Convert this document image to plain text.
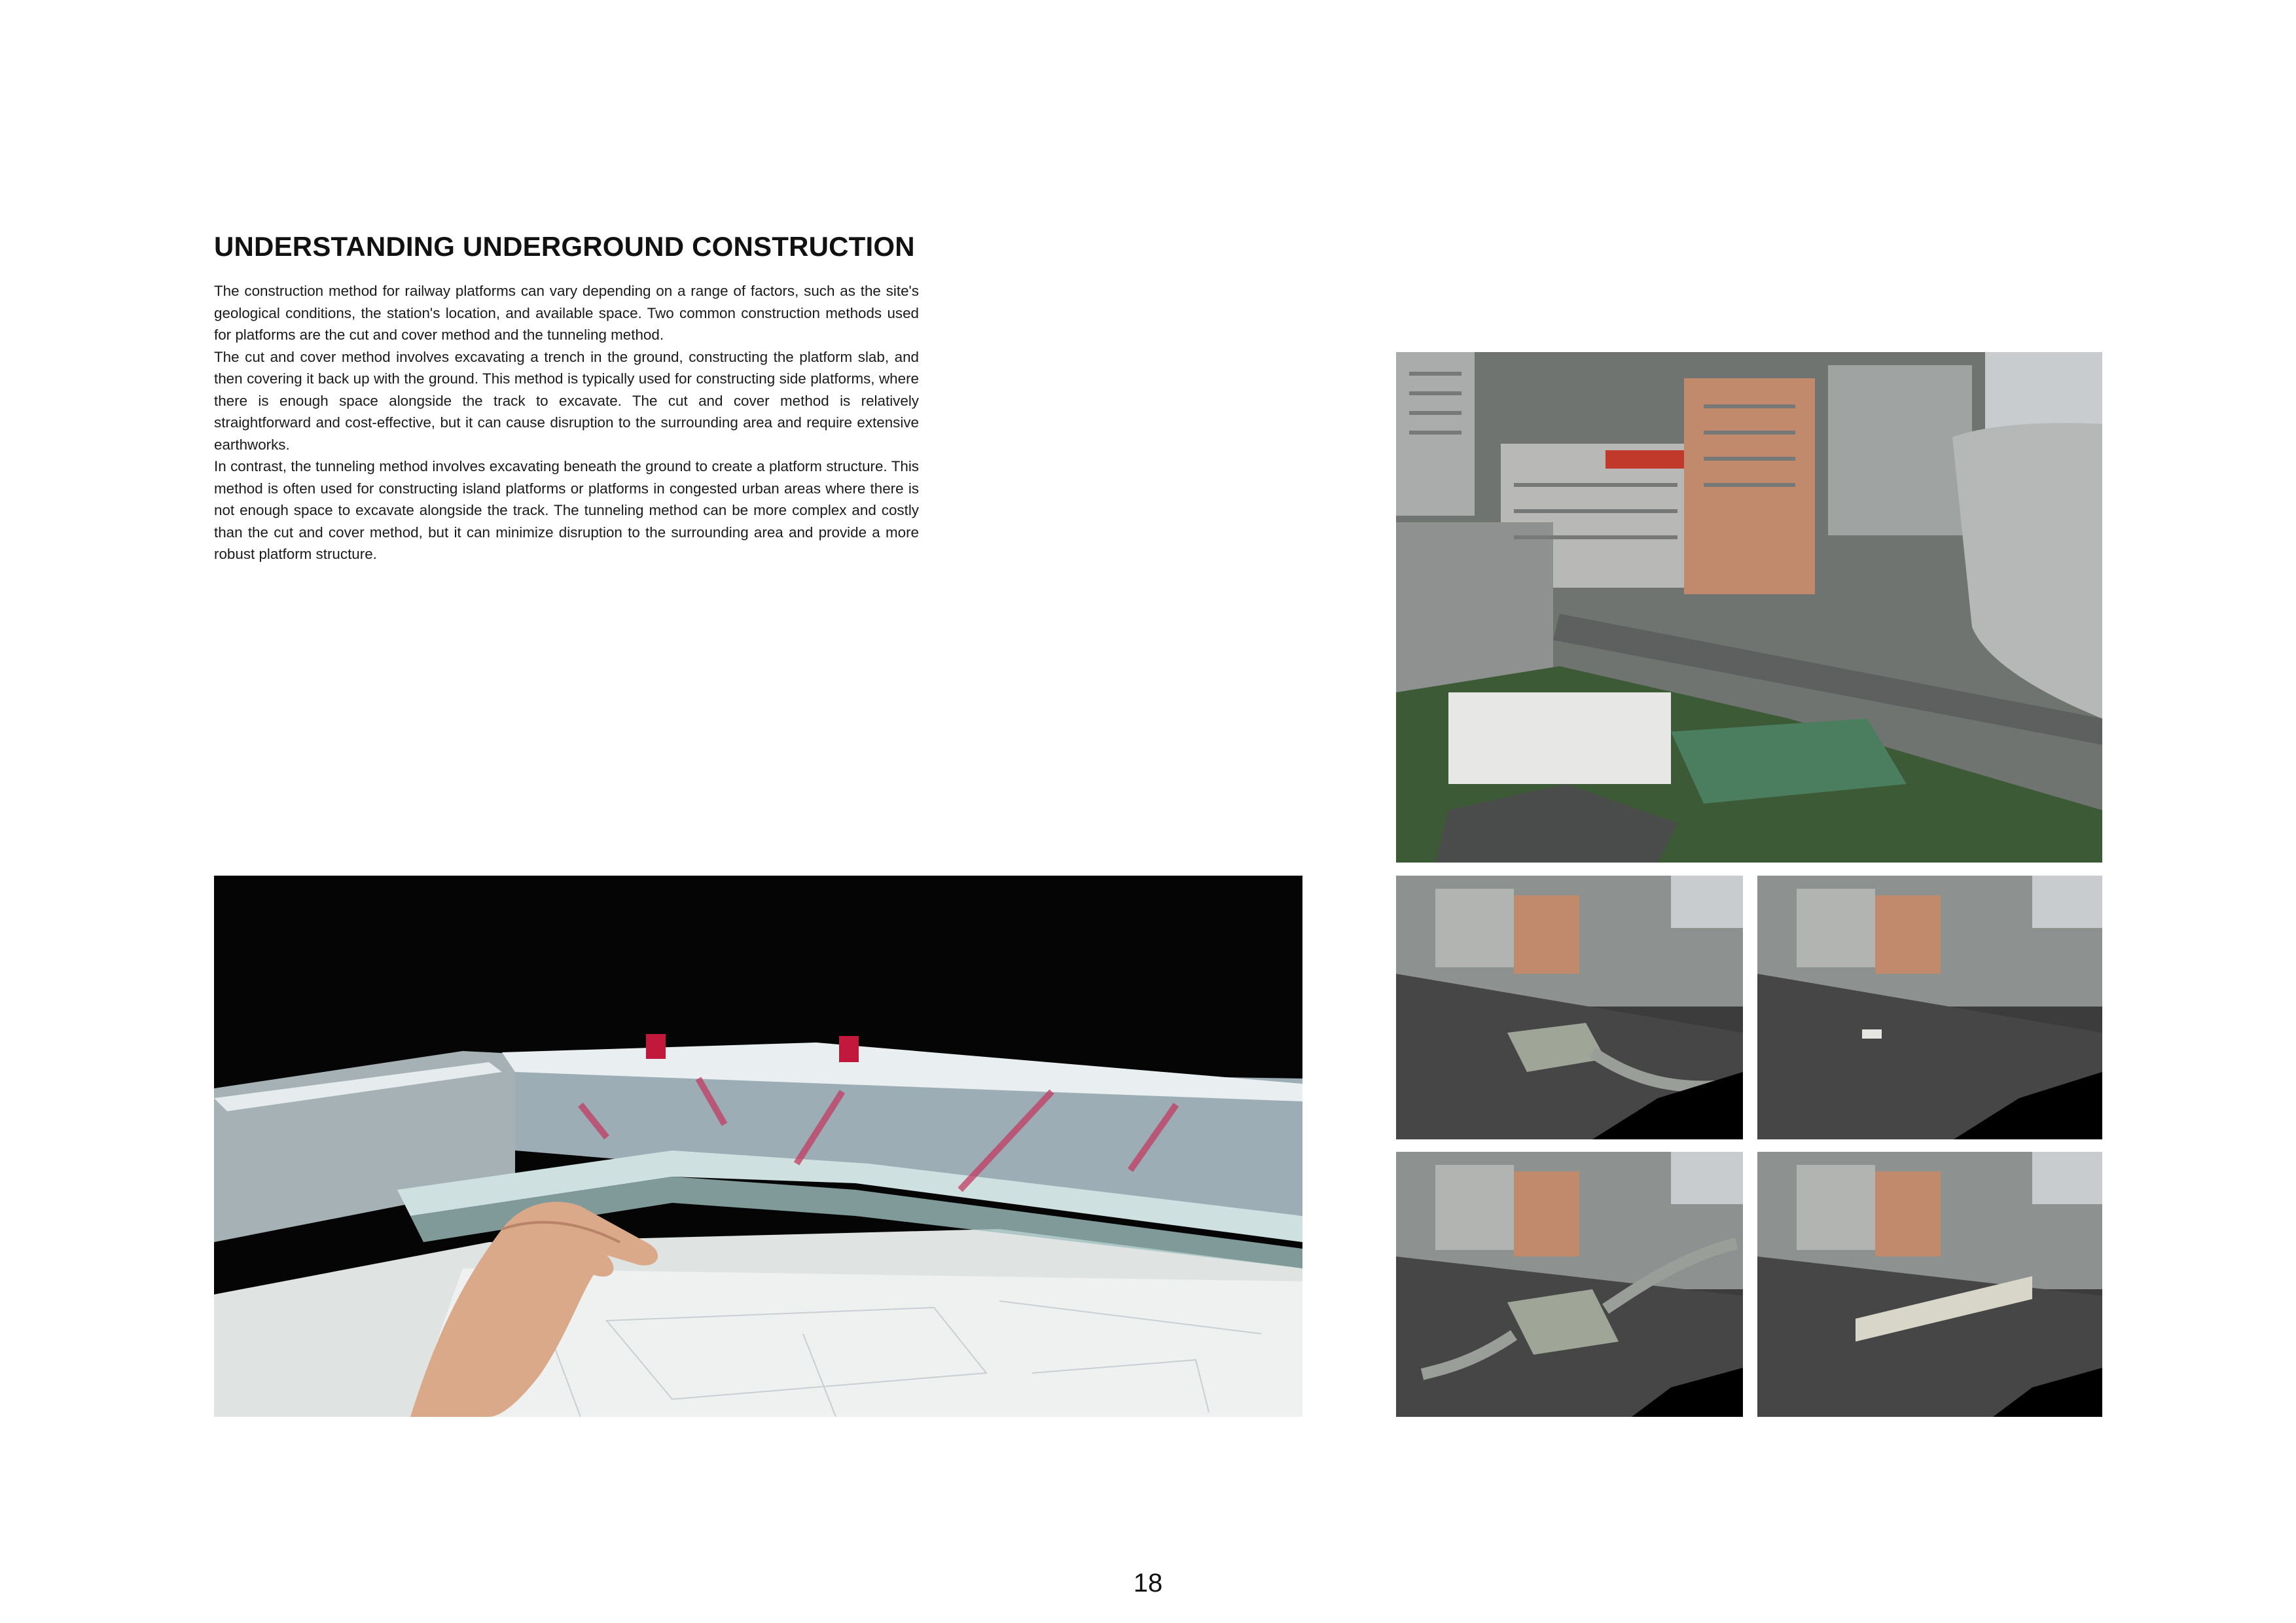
UNDERSTANDING UNDERGROUND CONSTRUCTION

The construction method for railway platforms can vary depending on a range of factors, such as the site's geological conditions, the station's location, and available space. Two common construction methods used for platforms are the cut and cover method and the tunneling method.

The cut and cover method involves excavating a trench in the ground, constructing the platform slab, and then covering it back up with the ground. This method is typically used for constructing side platforms, where there is enough space alongside the track to excavate. The cut and cover method is relatively straightforward and cost-effective, but it can cause disruption to the surrounding area and require extensive earthworks.

In contrast, the tunneling method involves excavating beneath the ground to create a platform structure. This method is often used for constructing island platforms or platforms in congested urban areas where there is not enough space to excavate alongside the track. The tunneling method can be more complex and costly than the cut and cover method, but it can minimize disruption to the surrounding area and provide a more robust platform structure.

18
